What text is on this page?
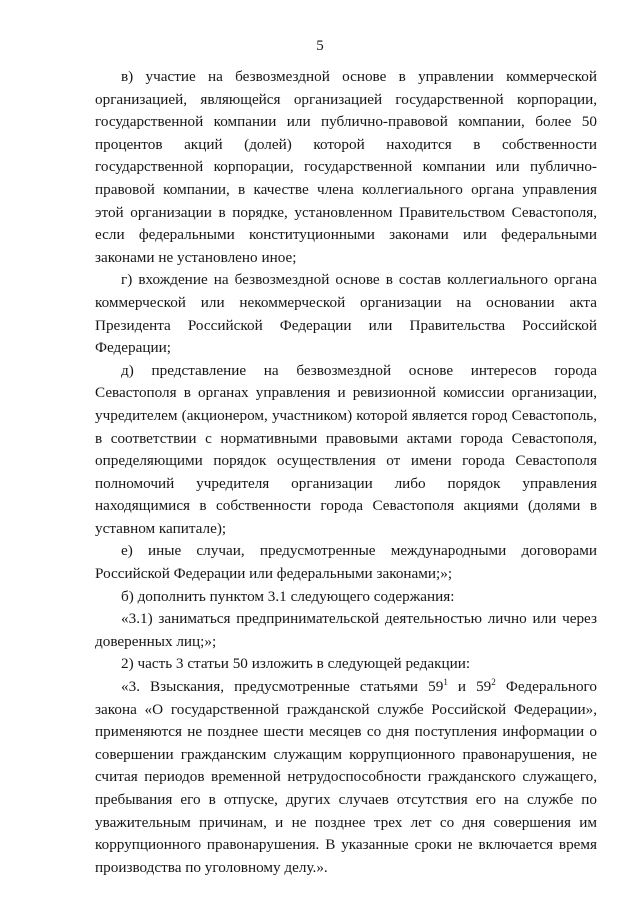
5

в) участие на безвозмездной основе в управлении коммерческой организацией, являющейся организацией государственной корпорации, государственной компании или публично-правовой компании, более 50 процентов акций (долей) которой находится в собственности государственной корпорации, государственной компании или публично-правовой компании, в качестве члена коллегиального органа управления этой организации в порядке, установленном Правительством Севастополя, если федеральными конституционными законами или федеральными законами не установлено иное;

г) вхождение на безвозмездной основе в состав коллегиального органа коммерческой или некоммерческой организации на основании акта Президента Российской Федерации или Правительства Российской Федерации;

д) представление на безвозмездной основе интересов города Севастополя в органах управления и ревизионной комиссии организации, учредителем (акционером, участником) которой является город Севастополь, в соответствии с нормативными правовыми актами города Севастополя, определяющими порядок осуществления от имени города Севастополя полномочий учредителя организации либо порядок управления находящимися в собственности города Севастополя акциями (долями в уставном капитале);

е) иные случаи, предусмотренные международными договорами Российской Федерации или федеральными законами;»;

б) дополнить пунктом 3.1 следующего содержания:

«3.1) заниматься предпринимательской деятельностью лично или через доверенных лиц;»;

2) часть 3 статьи 50 изложить в следующей редакции:

«3. Взыскания, предусмотренные статьями $59^1$ и $59^2$ Федерального закона «О государственной гражданской службе Российской Федерации», применяются не позднее шести месяцев со дня поступления информации о совершении гражданским служащим коррупционного правонарушения, не считая периодов временной нетрудоспособности гражданского служащего, пребывания его в отпуске, других случаев отсутствия его на службе по уважительным причинам, и не позднее трех лет со дня совершения им коррупционного правонарушения. В указанные сроки не включается время производства по уголовному делу.».
